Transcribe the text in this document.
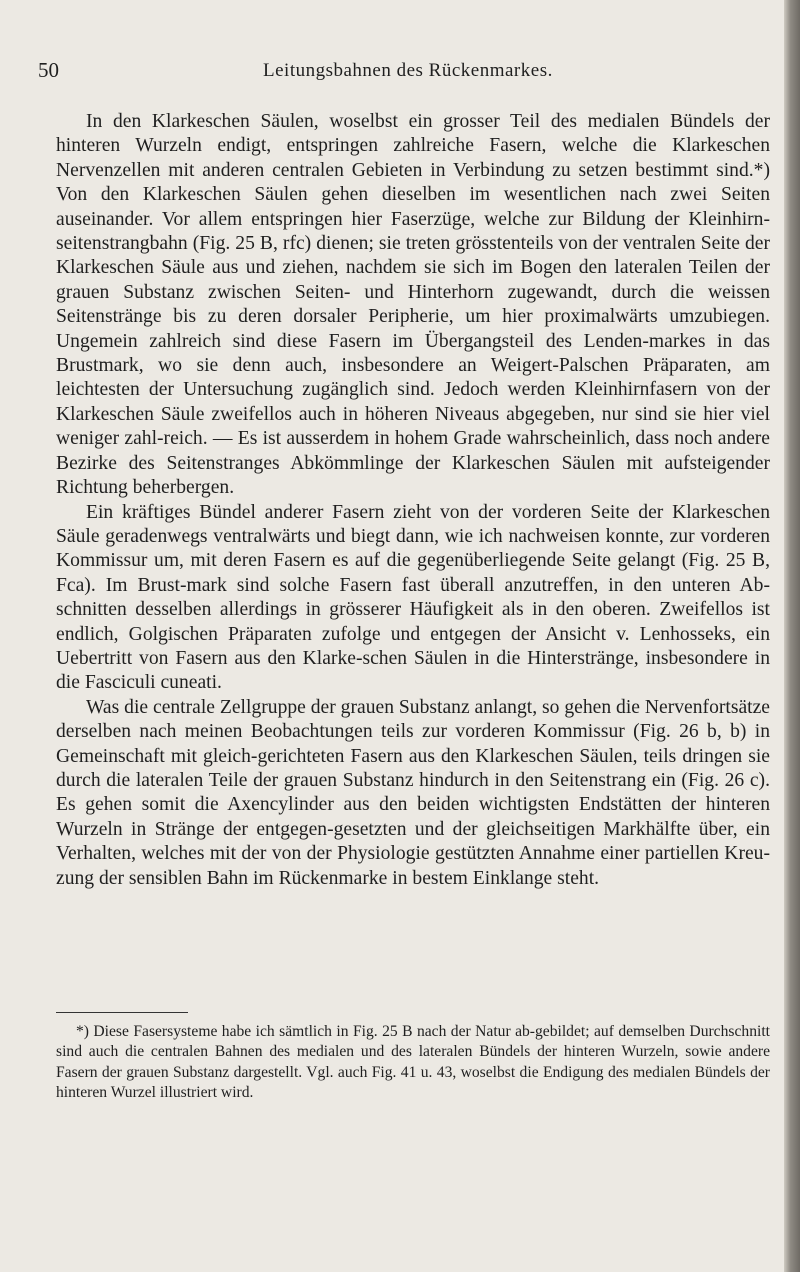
50	Leitungsbahnen des Rückenmarkes.

In den Klarkeschen Säulen, woselbst ein grosser Teil des medialen Bündels der hinteren Wurzeln endigt, entspringen zahlreiche Fasern, welche die Klarkeschen Nervenzellen mit anderen centralen Gebieten in Verbindung zu setzen bestimmt sind.*) Von den Klarkeschen Säulen gehen dieselben im wesentlichen nach zwei Seiten auseinander. Vor allem entspringen hier Faserzüge, welche zur Bildung der Kleinhirn-seitenstrangbahn (Fig. 25 B, rfc) dienen; sie treten grösstenteils von der ventralen Seite der Klarkeschen Säule aus und ziehen, nachdem sie sich im Bogen den lateralen Teilen der grauen Substanz zwischen Seiten- und Hinterhorn zugewandt, durch die weissen Seitenstränge bis zu deren dorsaler Peripherie, um hier proximalwärts umzubiegen. Ungemein zahlreich sind diese Fasern im Übergangsteil des Lenden-markes in das Brustmark, wo sie denn auch, insbesondere an Weigert-Palschen Präparaten, am leichtesten der Untersuchung zugänglich sind. Jedoch werden Kleinhirnfasern von der Klarkeschen Säule zweifellos auch in höheren Niveaus abgegeben, nur sind sie hier viel weniger zahl-reich. — Es ist ausserdem in hohem Grade wahrscheinlich, dass noch andere Bezirke des Seitenstranges Abkömmlinge der Klarkeschen Säulen mit aufsteigender Richtung beherbergen.

Ein kräftiges Bündel anderer Fasern zieht von der vorderen Seite der Klarkeschen Säule geradenwegs ventralwärts und biegt dann, wie ich nachweisen konnte, zur vorderen Kommissur um, mit deren Fasern es auf die gegenüberliegende Seite gelangt (Fig. 25 B, Fca). Im Brust-mark sind solche Fasern fast überall anzutreffen, in den unteren Ab-schnitten desselben allerdings in grösserer Häufigkeit als in den oberen. Zweifellos ist endlich, Golgischen Präparaten zufolge und entgegen der Ansicht v. Lenhosseks, ein Uebertritt von Fasern aus den Klarke-schen Säulen in die Hinterstränge, insbesondere in die Fasciculi cuneati.

Was die centrale Zellgruppe der grauen Substanz anlangt, so gehen die Nervenfortsätze derselben nach meinen Beobachtungen teils zur vorderen Kommissur (Fig. 26 b, b) in Gemeinschaft mit gleich-gerichteten Fasern aus den Klarkeschen Säulen, teils dringen sie durch die lateralen Teile der grauen Substanz hindurch in den Seitenstrang ein (Fig. 26 c). Es gehen somit die Axencylinder aus den beiden wichtigsten Endstätten der hinteren Wurzeln in Stränge der entgegen-gesetzten und der gleichseitigen Markhälfte über, ein Verhalten, welches mit der von der Physiologie gestützten Annahme einer partiellen Kreu-zung der sensiblen Bahn im Rückenmarke in bestem Einklange steht.

*) Diese Fasersysteme habe ich sämtlich in Fig. 25 B nach der Natur ab-gebildet; auf demselben Durchschnitt sind auch die centralen Bahnen des medialen und des lateralen Bündels der hinteren Wurzeln, sowie andere Fasern der grauen Substanz dargestellt. Vgl. auch Fig. 41 u. 43, woselbst die Endigung des medialen Bündels der hinteren Wurzel illustriert wird.
